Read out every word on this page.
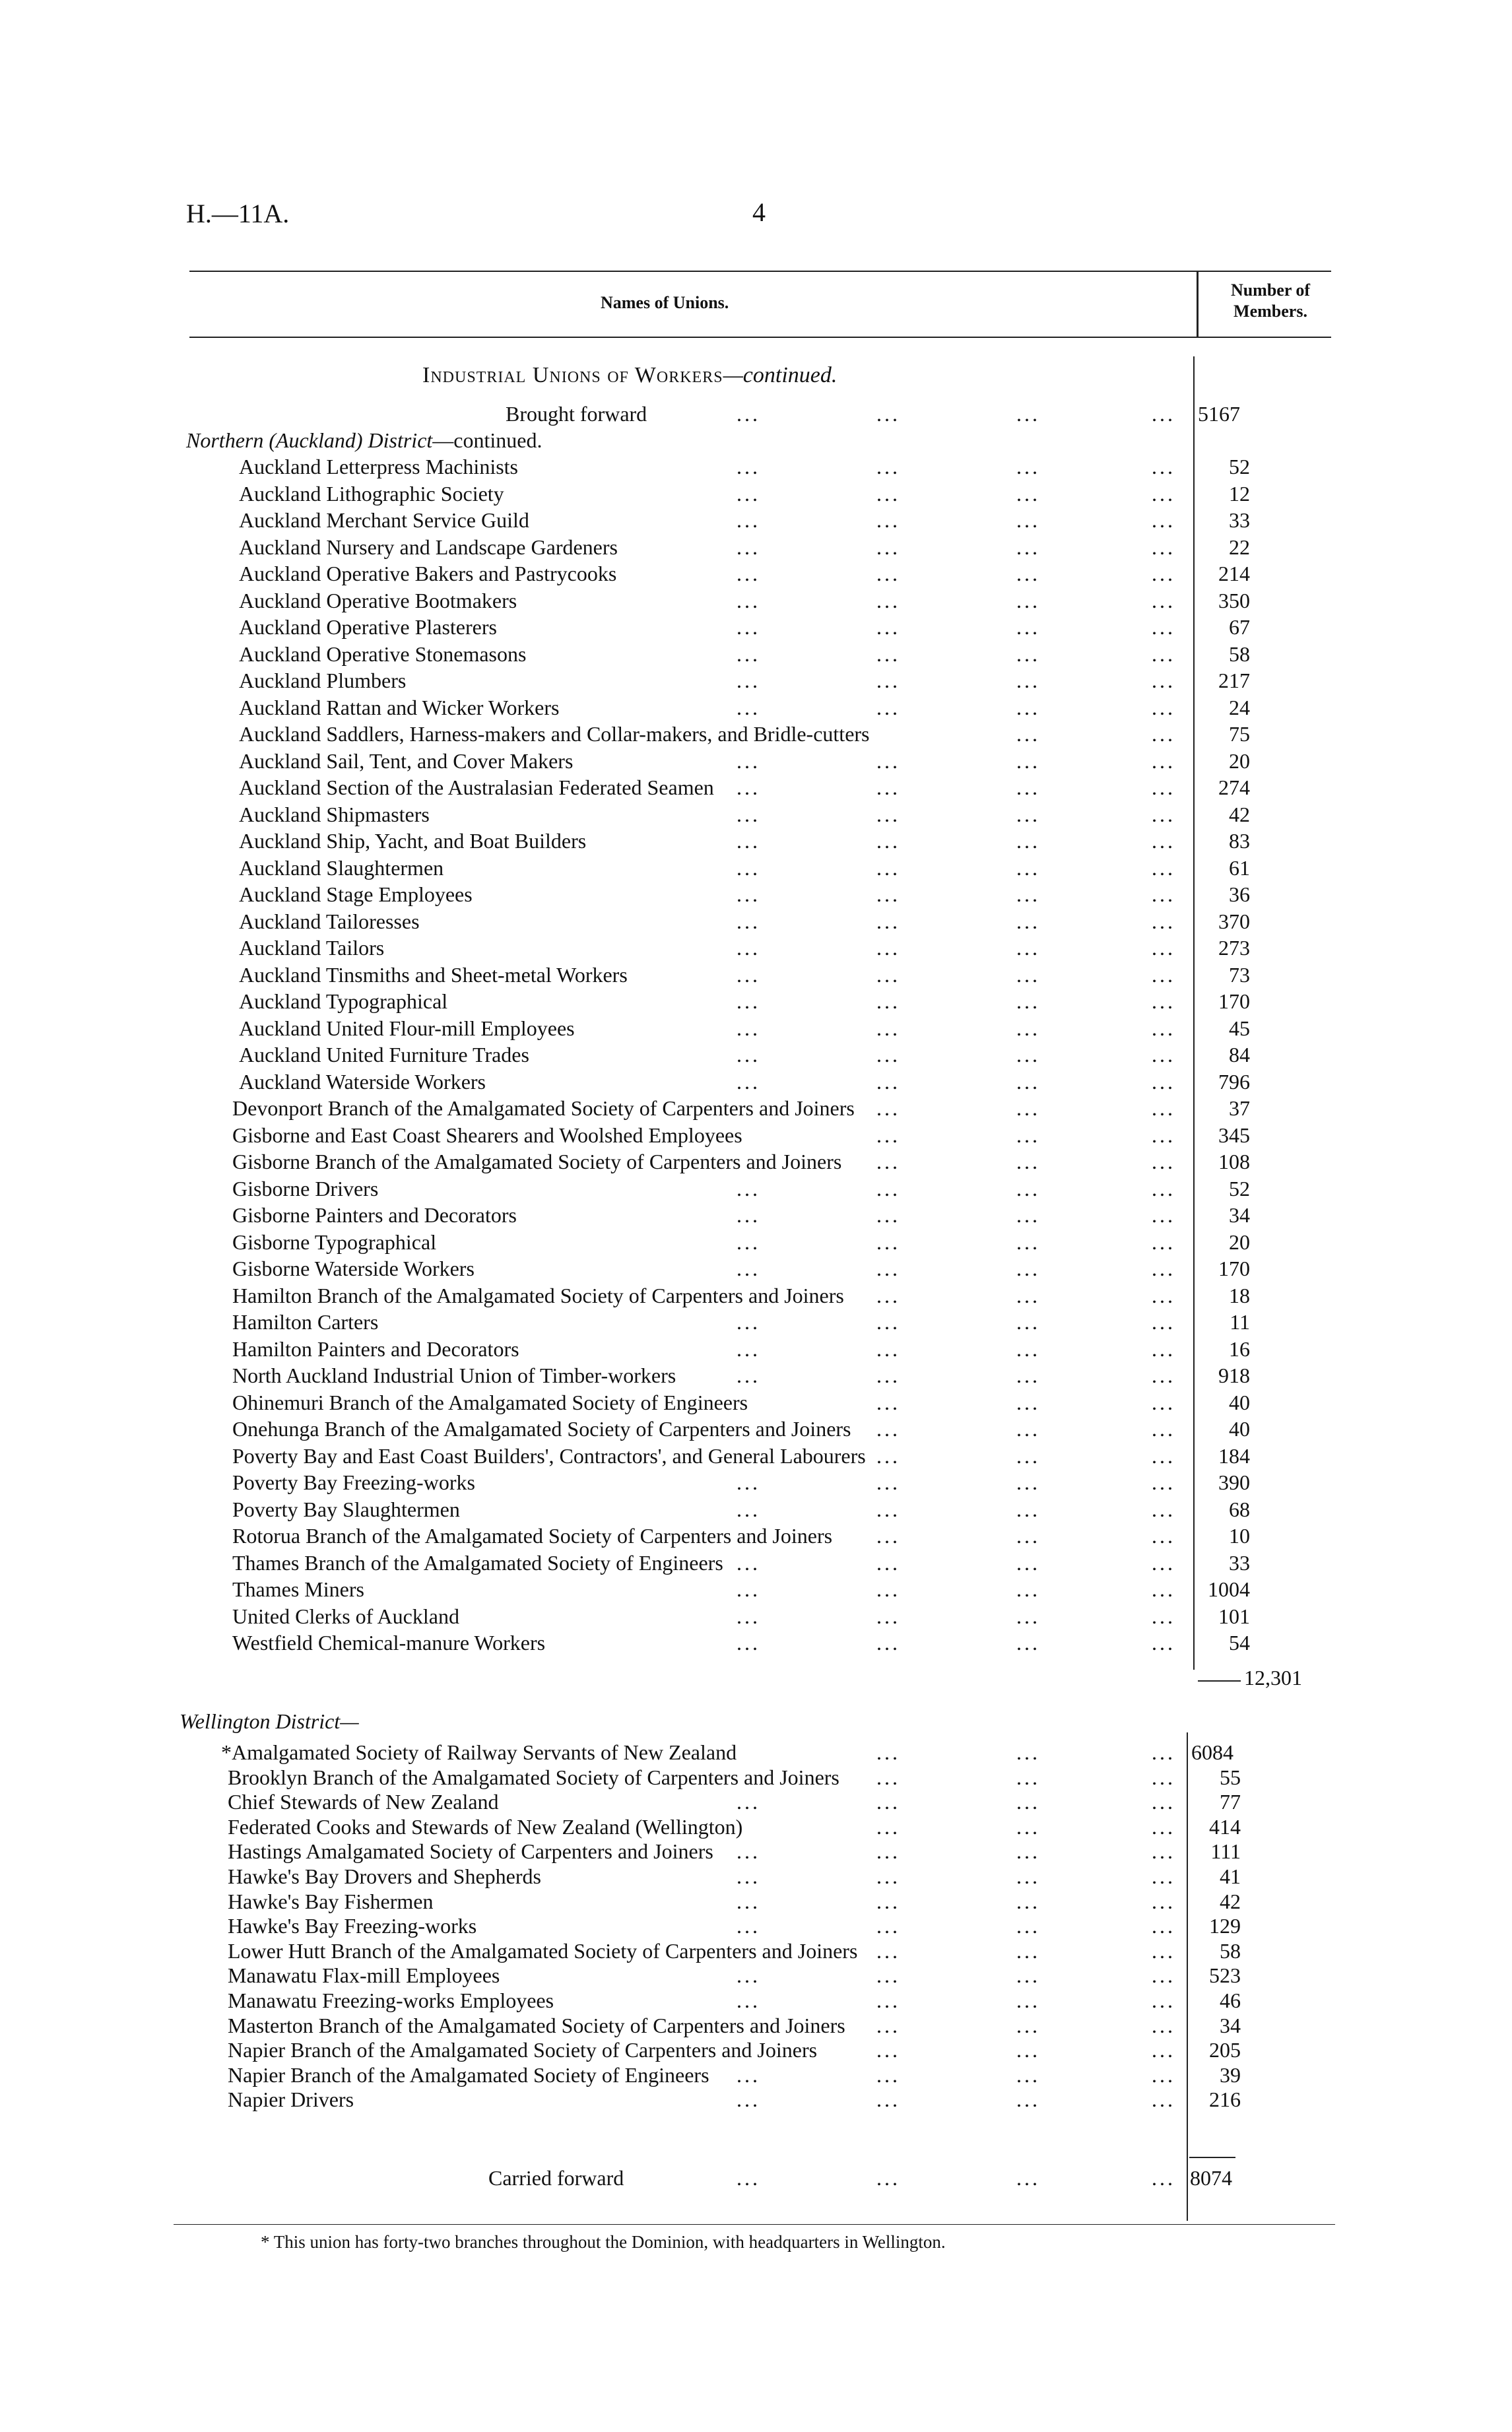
H.—11A.	4
Names of Unions.
Number of Members.
Industrial Unions of Workers—continued.
Brought forward	...	...	...	... 5167
Northern (Auckland) District—continued.
Auckland Letterpress Machinists	...	...	...	...	52
Auckland Lithographic Society	...	...	...	...	12
Auckland Merchant Service Guild	...	...	...	...	33
Auckland Nursery and Landscape Gardeners	...	...	...	...	22
Auckland Operative Bakers and Pastrycooks	...	...	...	...	214
Auckland Operative Bootmakers	...	...	...	...	350
Auckland Operative Plasterers	...	...	...	...	67
Auckland Operative Stonemasons	...	...	...	...	58
Auckland Plumbers	...	...	...	...	217
Auckland Rattan and Wicker Workers	...	...	...	...	24
Auckland Saddlers, Harness-makers and Collar-makers, and Bridle-cutters	...	...	75
Auckland Sail, Tent, and Cover Makers	...	...	...	...	20
Auckland Section of the Australasian Federated Seamen ...	...	...	...	274
Auckland Shipmasters	...	...	...	...	42
Auckland Ship, Yacht, and Boat Builders	...	...	...	...	83
Auckland Slaughtermen	...	...	...	...	61
Auckland Stage Employees	...	...	...	...	36
Auckland Tailoresses	...	...	...	...	370
Auckland Tailors	...	...	...	...	273
Auckland Tinsmiths and Sheet-metal Workers	...	...	...	...	73
Auckland Typographical	...	...	...	...	170
Auckland United Flour-mill Employees	...	...	...	...	45
Auckland United Furniture Trades	...	...	...	...	84
Auckland Waterside Workers	...	...	...	...	796
Devonport Branch of the Amalgamated Society of Carpenters and Joiners ...	...	...	37
Gisborne and East Coast Shearers and Woolshed Employees	...	...	...	345
Gisborne Branch of the Amalgamated Society of Carpenters and Joiners ...	...	...	108
Gisborne Drivers	...	...	...	...	52
Gisborne Painters and Decorators	...	...	...	...	34
Gisborne Typographical	...	...	...	...	20
Gisborne Waterside Workers	...	...	...	...	170
Hamilton Branch of the Amalgamated Society of Carpenters and Joiners ...	...	...	18
Hamilton Carters	...	...	...	...	11
Hamilton Painters and Decorators	...	...	...	...	16
North Auckland Industrial Union of Timber-workers	...	...	...	...	918
Ohinemuri Branch of the Amalgamated Society of Engineers	...	...	...	40
Onehunga Branch of the Amalgamated Society of Carpenters and Joiners ...	...	...	40
Poverty Bay and East Coast Builders', Contractors', and General Labourers ...	...	...	184
Poverty Bay Freezing-works	...	...	...	...	390
Poverty Bay Slaughtermen	...	...	...	...	68
Rotorua Branch of the Amalgamated Society of Carpenters and Joiners ...	...	...	10
Thames Branch of the Amalgamated Society of Engineers ...	...	...	...	33
Thames Miners	...	...	...	...	1004
United Clerks of Auckland	...	...	...	...	101
Westfield Chemical-manure Workers	...	...	...	...	54
Wellington District—
*Amalgamated Society of Railway Servants of New Zealand	...	...	... 6084
Brooklyn Branch of the Amalgamated Society of Carpenters and Joiners ...	...	...	55
Chief Stewards of New Zealand	...	...	...	...	77
Federated Cooks and Stewards of New Zealand (Wellington)	...	...	...	414
Hastings Amalgamated Society of Carpenters and Joiners ...	...	...	...	111
Hawke's Bay Drovers and Shepherds	...	...	...	...	41
Hawke's Bay Fishermen	...	...	...	...	42
Hawke's Bay Freezing-works	...	...	...	...	129
Lower Hutt Branch of the Amalgamated Society of Carpenters and Joiners ...	...	...	58
Manawatu Flax-mill Employees	...	...	...	...	523
Manawatu Freezing-works Employees	...	...	...	...	46
Masterton Branch of the Amalgamated Society of Carpenters and Joiners ...	...	...	34
Napier Branch of the Amalgamated Society of Carpenters and Joiners	...	...	...	205
Napier Branch of the Amalgamated Society of Engineers ...	...	...	...	39
Napier Drivers	...	...	...	...	216
Carried forward	...	...	...	... 8074
12,301
* This union has forty-two branches throughout the Dominion, with headquarters in Wellington.
